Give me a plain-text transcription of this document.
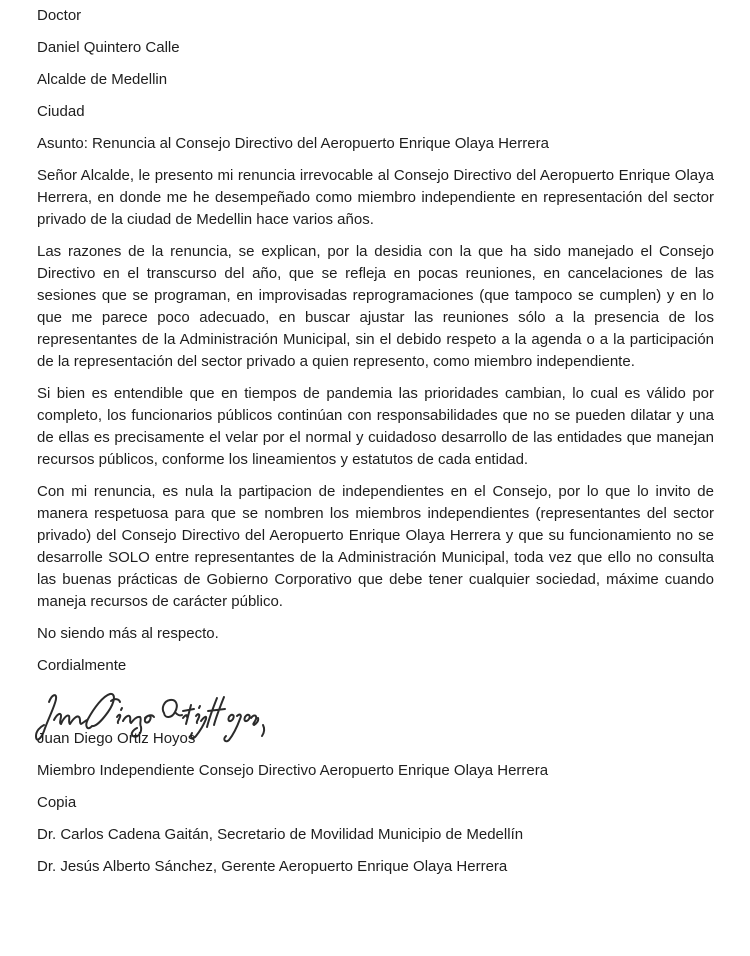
Doctor

Daniel Quintero Calle

Alcalde de Medellin

Ciudad

Asunto: Renuncia al Consejo Directivo del Aeropuerto Enrique Olaya Herrera

Señor Alcalde, le presento mi renuncia irrevocable al Consejo Directivo del Aeropuerto Enrique Olaya Herrera, en donde me he desempeñado como miembro independiente en representación del sector privado de la ciudad de Medellin hace varios años.

Las razones de la renuncia, se explican, por la desidia con la que ha sido manejado el Consejo Directivo en el transcurso del año, que se refleja en pocas reuniones, en cancelaciones de las sesiones que se programan, en improvisadas reprogramaciones (que tampoco se cumplen) y en lo que me parece poco adecuado, en buscar ajustar las reuniones sólo a la presencia de los representantes de la Administración Municipal, sin el debido respeto a la agenda o a la participación de la representación del sector privado a quien represento, como miembro independiente.

Si bien es entendible que en tiempos de pandemia las prioridades cambian, lo cual es válido por completo, los funcionarios públicos continúan con responsabilidades que no se pueden dilatar y una de ellas es precisamente el velar por el normal y cuidadoso desarrollo de las entidades que manejan recursos públicos, conforme los lineamientos y estatutos de cada entidad.

Con mi renuncia, es nula la partipacion de independientes en el Consejo, por lo que lo invito de manera respetuosa para que se nombren los miembros independientes (representantes del sector privado) del Consejo Directivo del Aeropuerto Enrique Olaya Herrera y que su funcionamiento no se desarrolle SOLO entre representantes de la Administración Municipal, toda vez que ello no consulta las buenas prácticas de Gobierno Corporativo que debe tener cualquier sociedad, máxime cuando maneja recursos de carácter público.

No siendo más al respecto.

Cordialmente

Juan Diego Ortiz Hoyos

Miembro Independiente Consejo Directivo Aeropuerto Enrique Olaya Herrera

Copia

Dr. Carlos Cadena Gaitán, Secretario de Movilidad Municipio de Medellín

Dr. Jesús Alberto Sánchez, Gerente Aeropuerto Enrique Olaya Herrera
